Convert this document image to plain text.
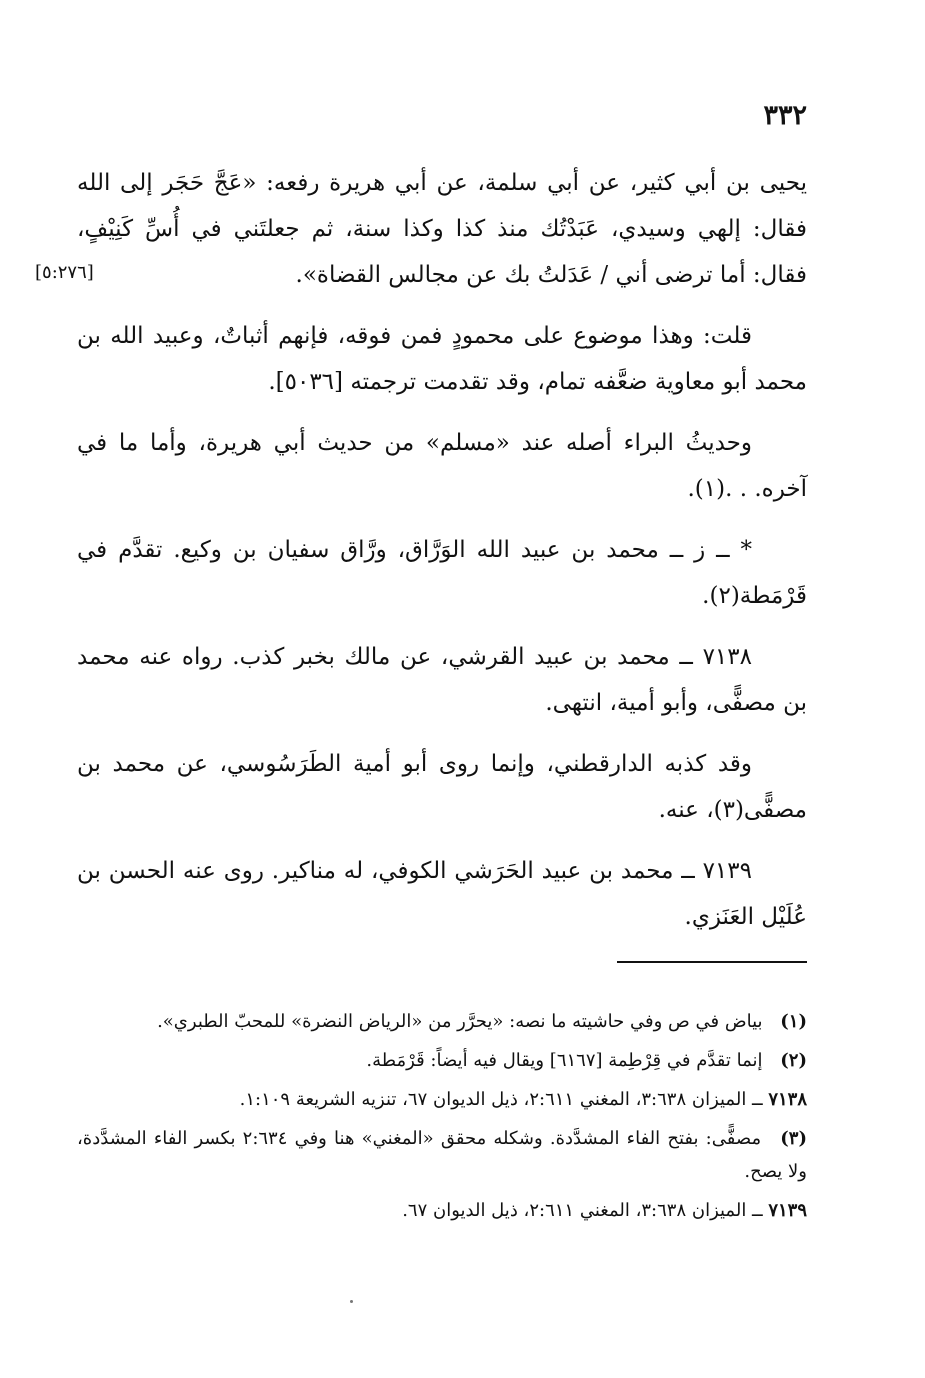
٣٣٢

يحيى بن أبي كثير، عن أبي سلمة، عن أبي هريرة رفعه: «عَجَّ حَجَر إلى الله فقال: إلهي وسيدي، عَبَدْتُك منذ كذا وكذا سنة، ثم جعلتَني في أُسِّ كَنِيْفٍ،
[٥:٢٧٦]	فقال: أما ترضى أني / عَدَلتُ بك عن مجالس القضاة».

قلت: وهذا موضوع على محمودٍ فمن فوقه، فإنهم أثباتٌ، وعبيد الله بن محمد أبو معاوية ضعَّفه تمام، وقد تقدمت ترجمته [٥٠٣٦].

وحديثُ البراء أصله عند «مسلم» من حديث أبي هريرة، وأما ما في آخره. . .(١).

* ــ ز ــ محمد بن عبيد الله الوَرَّاق، ورَّاق سفيان بن وكيع. تقدَّم في قَرْمَطة(٢).

٧١٣٨ ــ محمد بن عبيد القرشي، عن مالك بخبر كذب. رواه عنه محمد بن مصفًّى، وأبو أمية، انتهى.

وقد كذبه الدارقطني، وإنما روى أبو أمية الطَرَسُوسي، عن محمد بن مصفًّى(٣)، عنه.

٧١٣٩ ــ محمد بن عبيد الحَرَشي الكوفي، له مناكير. روى عنه الحسن بن عُلَيْل العَنَزي.

(١) بياض في ص وفي حاشيته ما نصه: «يحرَّر من «الرياض النضرة» للمحبّ الطبري».

(٢) إنما تقدَّم في قِرْطِمة [٦١٦٧] ويقال فيه أيضاً: قَرْمَطة.

٧١٣٨ ــ الميزان ٣:٦٣٨، المغني ٢:٦١١، ذيل الديوان ٦٧، تنزيه الشريعة ١:١٠٩.

(٣) مصفًّى: بفتح الفاء المشدَّدة. وشكله محقق «المغني» هنا وفي ٢:٦٣٤ بكسر الفاء المشدَّدة، ولا يصح.

٧١٣٩ ــ الميزان ٣:٦٣٨، المغني ٢:٦١١، ذيل الديوان ٦٧.
